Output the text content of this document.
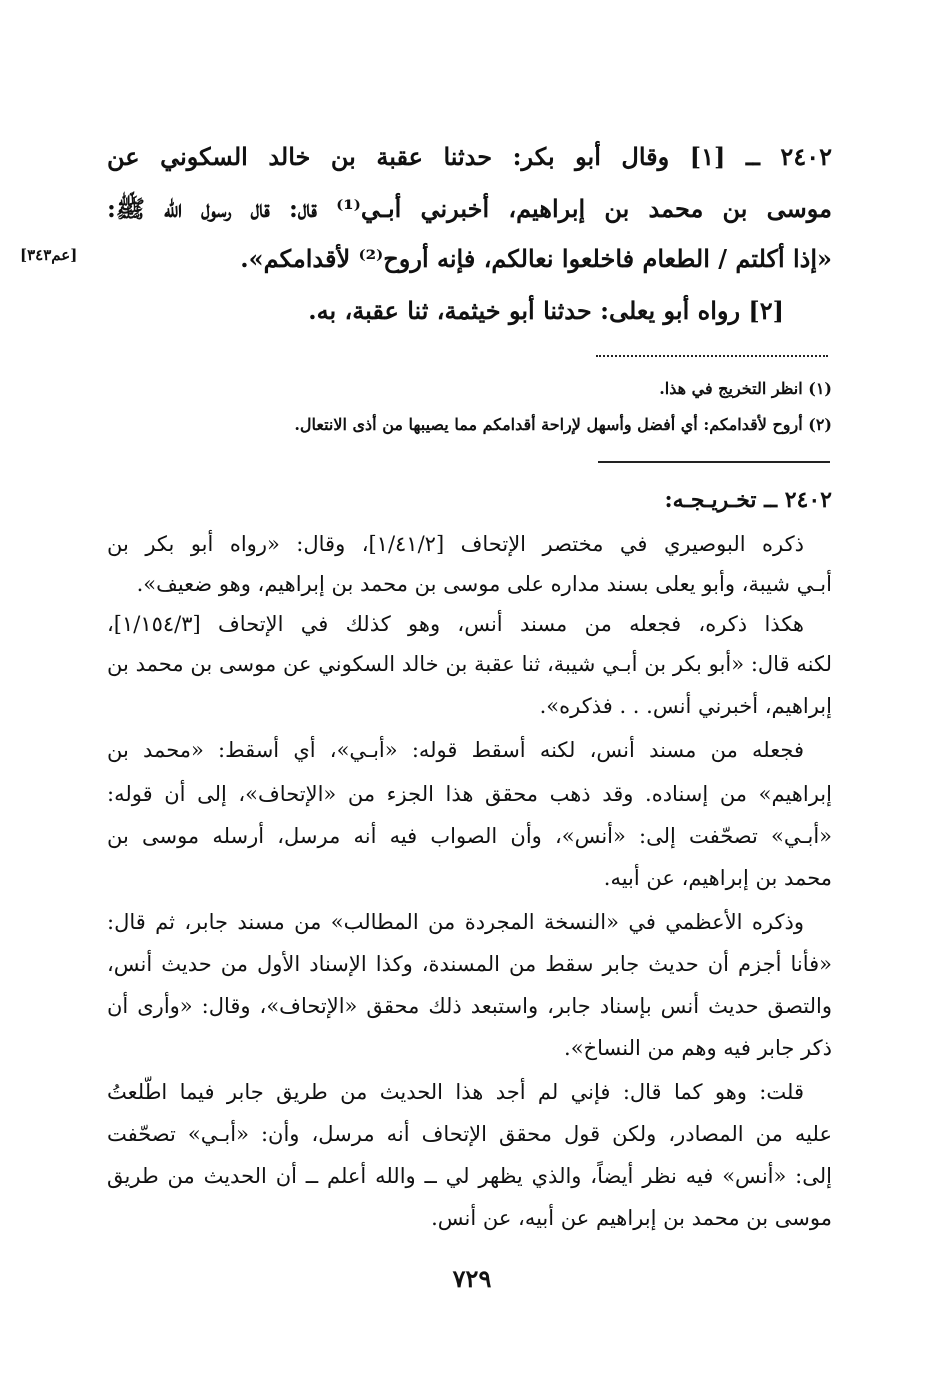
٢٤٠٢ ــ [١] وقال أبو بكر: حدثنا عقبة بن خالد السكوني عن
موسى بن محمد بن إبراهيم، أخبرني أبـي⁽¹⁾ قال: قال رسول الله ﷺ:
«إذا أكلتم / الطعام فاخلعوا نعالكم، فإنه أروح⁽²⁾ لأقدامكم».
[٢] رواه أبو يعلى: حدثنا أبو خيثمة، ثنا عقبة، به.
[عم٣٤٣]
(١) انظر التخريج في هذا.
(٢) أروح لأقدامكم: أي أفضل وأسهل لإراحة أقدامكم مما يصيبها من أذى الانتعال.
٢٤٠٢ ــ تخـريـجـه:
ذكره البوصيري في مختصر الإتحاف [١/٤١/٢]، وقال: «رواه أبو بكر بن
أبـي شيبة، وأبو يعلى بسند مداره على موسى بن محمد بن إبراهيم، وهو ضعيف».
هكذا ذكره، فجعله من مسند أنس، وهو كذلك في الإتحاف [١/١٥٤/٣]،
لكنه قال: «أبو بكر بن أبـي شيبة، ثنا عقبة بن خالد السكوني عن موسى بن محمد بن
إبراهيم، أخبرني أنس. . . فذكره».
فجعله من مسند أنس، لكنه أسقط قوله: «أبـي»، أي أسقط: «محمد بن
إبراهيم» من إسناده. وقد ذهب محقق هذا الجزء من «الإتحاف»، إلى أن قوله:
«أبـي» تصحّفت إلى: «أنس»، وأن الصواب فيه أنه مرسل، أرسله موسى بن
محمد بن إبراهيم، عن أبيه.
وذكره الأعظمي في «النسخة المجردة من المطالب» من مسند جابر، ثم قال:
«فأنا أجزم أن حديث جابر سقط من المسندة، وكذا الإسناد الأول من حديث أنس،
والتصق حديث أنس بإسناد جابر، واستبعد ذلك محقق «الإتحاف»، وقال: «وأرى أن
ذكر جابر فيه وهم من النساخ».
قلت: وهو كما قال: فإني لم أجد هذا الحديث من طريق جابر فيما اطّلعتُ
عليه من المصادر، ولكن قول محقق الإتحاف أنه مرسل، وأن: «أبـي» تصحّفت
إلى: «أنس» فيه نظر أيضاً، والذي يظهر لي ــ والله أعلم ــ أن الحديث من طريق
موسى بن محمد بن إبراهيم عن أبيه، عن أنس.
٧٢٩
